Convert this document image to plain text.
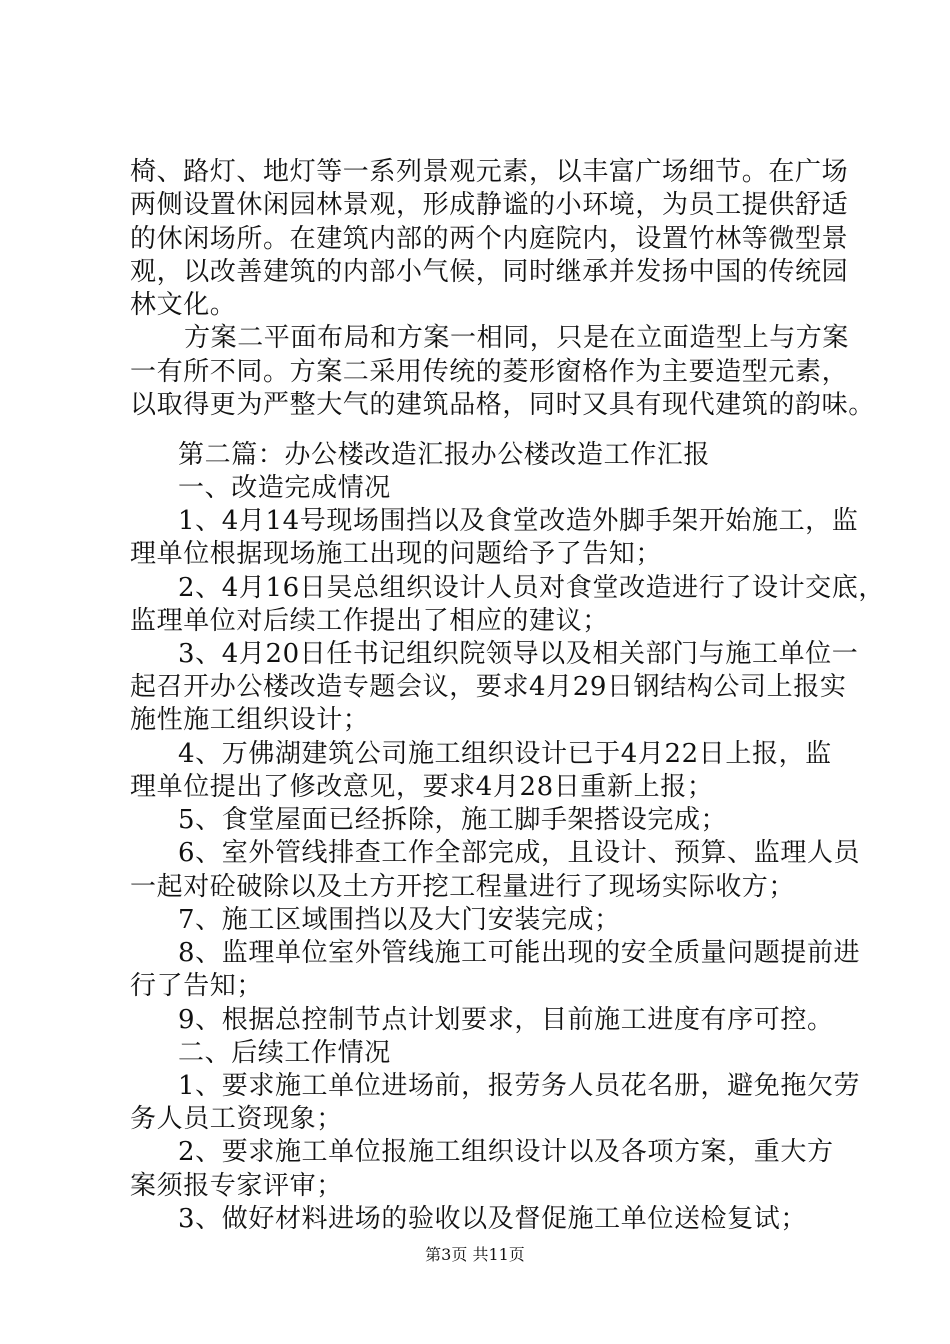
椅、路灯、地灯等一系列景观元素，以丰富广场细节。在广场
两侧设置休闲园林景观，形成静谧的小环境，为员工提供舒适
的休闲场所。在建筑内部的两个内庭院内，设置竹林等微型景
观，以改善建筑的内部小气候，同时继承并发扬中国的传统园
林文化。
方案二平面布局和方案一相同，只是在立面造型上与方案
一有所不同。方案二采用传统的菱形窗格作为主要造型元素，
以取得更为严整大气的建筑品格，同时又具有现代建筑的韵味。
第二篇：办公楼改造汇报办公楼改造工作汇报
一、改造完成情况
1、4月14号现场围挡以及食堂改造外脚手架开始施工，监
理单位根据现场施工出现的问题给予了告知；
2、4月16日吴总组织设计人员对食堂改造进行了设计交底，
监理单位对后续工作提出了相应的建议；
3、4月20日任书记组织院领导以及相关部门与施工单位一
起召开办公楼改造专题会议，要求4月29日钢结构公司上报实
施性施工组织设计；
4、万佛湖建筑公司施工组织设计已于4月22日上报，监
理单位提出了修改意见，要求4月28日重新上报；
5、食堂屋面已经拆除，施工脚手架搭设完成；
6、室外管线排查工作全部完成，且设计、预算、监理人员
一起对砼破除以及土方开挖工程量进行了现场实际收方；
7、施工区域围挡以及大门安装完成；
8、监理单位室外管线施工可能出现的安全质量问题提前进
行了告知；
9、根据总控制节点计划要求，目前施工进度有序可控。
二、后续工作情况
1、要求施工单位进场前，报劳务人员花名册，避免拖欠劳
务人员工资现象；
2、要求施工单位报施工组织设计以及各项方案，重大方
案须报专家评审；
3、做好材料进场的验收以及督促施工单位送检复试；
第3页 共11页
